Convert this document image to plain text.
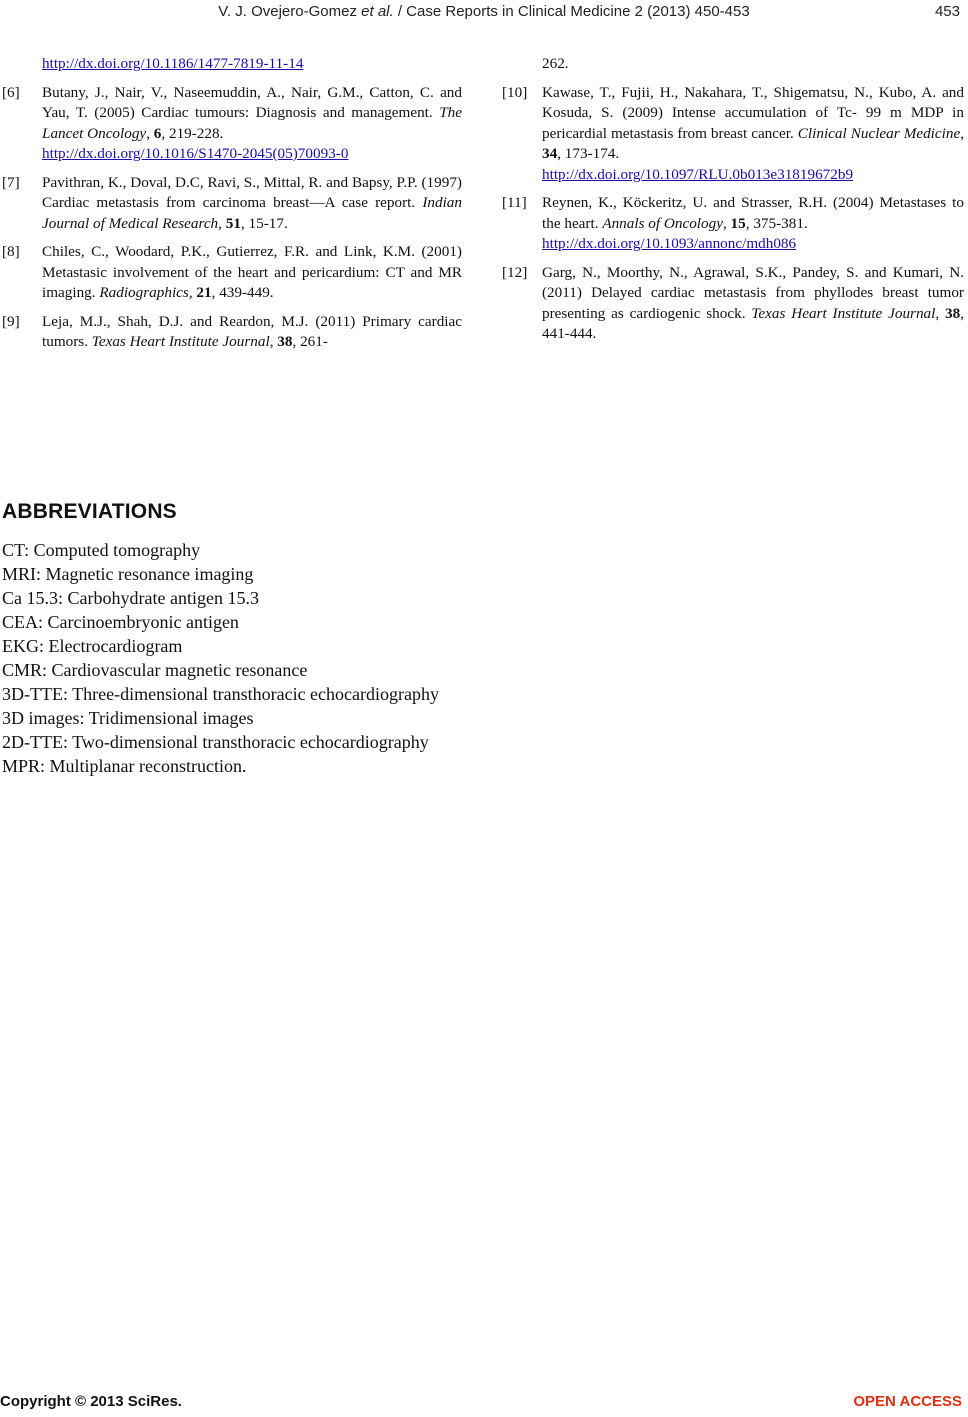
V. J. Ovejero-Gomez et al. / Case Reports in Clinical Medicine 2 (2013) 450-453	453
http://dx.doi.org/10.1186/1477-7819-11-14
[6] Butany, J., Nair, V., Naseemuddin, A., Nair, G.M., Catton, C. and Yau, T. (2005) Cardiac tumours: Diagnosis and management. The Lancet Oncology, 6, 219-228.
http://dx.doi.org/10.1016/S1470-2045(05)70093-0
[7] Pavithran, K., Doval, D.C, Ravi, S., Mittal, R. and Bapsy, P.P. (1997) Cardiac metastasis from carcinoma breast—A case report. Indian Journal of Medical Research, 51, 15-17.
[8] Chiles, C., Woodard, P.K., Gutierrez, F.R. and Link, K.M. (2001) Metastasic involvement of the heart and pericardium: CT and MR imaging. Radiographics, 21, 439-449.
[9] Leja, M.J., Shah, D.J. and Reardon, M.J. (2011) Primary cardiac tumors. Texas Heart Institute Journal, 38, 261-
262.
[10] Kawase, T., Fujii, H., Nakahara, T., Shigematsu, N., Kubo, A. and Kosuda, S. (2009) Intense accumulation of Tc- 99 m MDP in pericardial metastasis from breast cancer. Clinical Nuclear Medicine, 34, 173-174.
http://dx.doi.org/10.1097/RLU.0b013e31819672b9
[11] Reynen, K., Köckeritz, U. and Strasser, R.H. (2004) Metastases to the heart. Annals of Oncology, 15, 375-381.
http://dx.doi.org/10.1093/annonc/mdh086
[12] Garg, N., Moorthy, N., Agrawal, S.K., Pandey, S. and Kumari, N. (2011) Delayed cardiac metastasis from phyllodes breast tumor presenting as cardiogenic shock. Texas Heart Institute Journal, 38, 441-444.
ABBREVIATIONS
CT: Computed tomography
MRI: Magnetic resonance imaging
Ca 15.3: Carbohydrate antigen 15.3
CEA: Carcinoembryonic antigen
EKG: Electrocardiogram
CMR: Cardiovascular magnetic resonance
3D-TTE: Three-dimensional transthoracic echocardiography
3D images: Tridimensional images
2D-TTE: Two-dimensional transthoracic echocardiography
MPR: Multiplanar reconstruction.
Copyright © 2013 SciRes.	OPEN ACCESS
